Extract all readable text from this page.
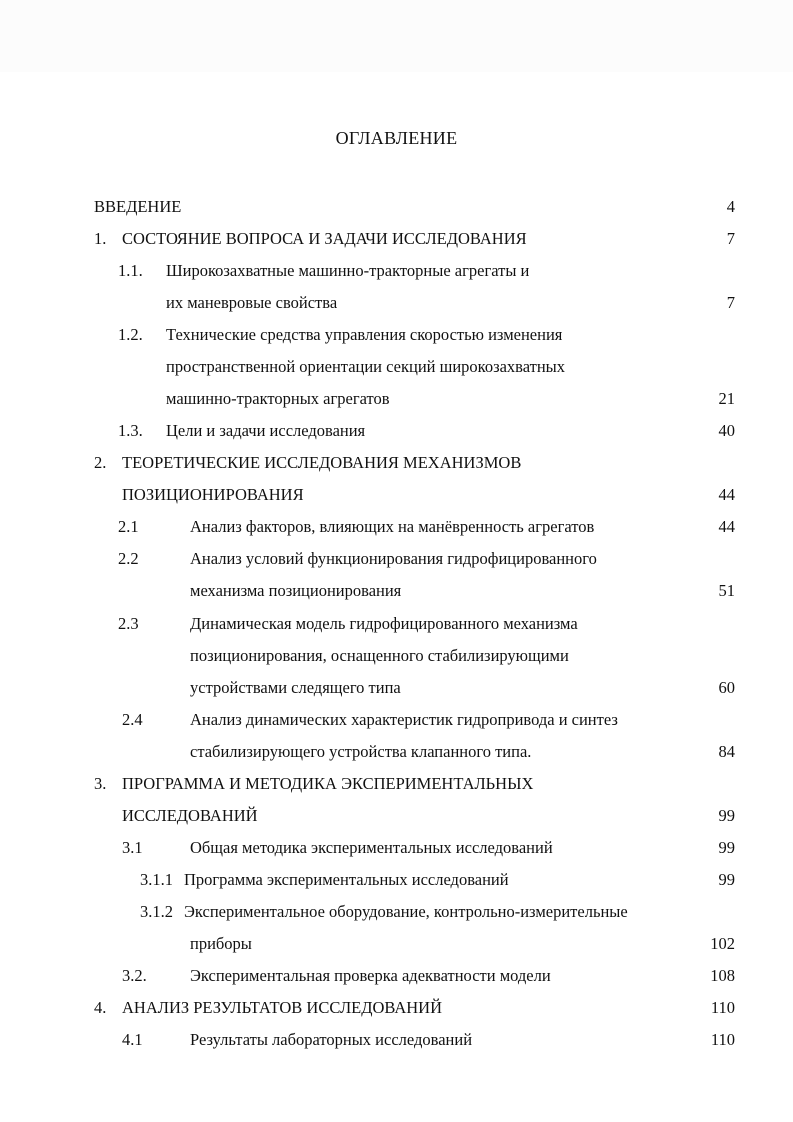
ОГЛАВЛЕНИЕ
ВВЕДЕНИЕ	4
1. СОСТОЯНИЕ ВОПРОСА И ЗАДАЧИ ИССЛЕДОВАНИЯ	7
1.1. Широкозахватные машинно-тракторные агрегаты и
их маневровые свойства	7
1.2. Технические средства управления скоростью изменения
пространственной ориентации секций широкозахватных
машинно-тракторных агрегатов	21
1.3. Цели и задачи исследования	40
2. ТЕОРЕТИЧЕСКИЕ ИССЛЕДОВАНИЯ МЕХАНИЗМОВ
ПОЗИЦИОНИРОВАНИЯ	44
2.1	Анализ факторов, влияющих на манёвренность агрегатов	44
2.2	Анализ условий функционирования гидрофицированного
механизма позиционирования	51
2.3	Динамическая модель гидрофицированного механизма
позиционирования, оснащенного стабилизирующими
устройствами следящего типа	60
2.4	Анализ динамических характеристик гидропривода и синтез
стабилизирующего устройства клапанного типа.	84
3. ПРОГРАММА И МЕТОДИКА ЭКСПЕРИМЕНТАЛЬНЫХ
ИССЛЕДОВАНИЙ	99
3.1	Общая методика экспериментальных исследований	99
3.1.1 Программа экспериментальных исследований	99
3.1.2 Экспериментальное оборудование, контрольно-измерительные
приборы	102
3.2.	Экспериментальная проверка адекватности модели	108
4. АНАЛИЗ РЕЗУЛЬТАТОВ ИССЛЕДОВАНИЙ	110
4.1	Результаты лабораторных исследований	110
